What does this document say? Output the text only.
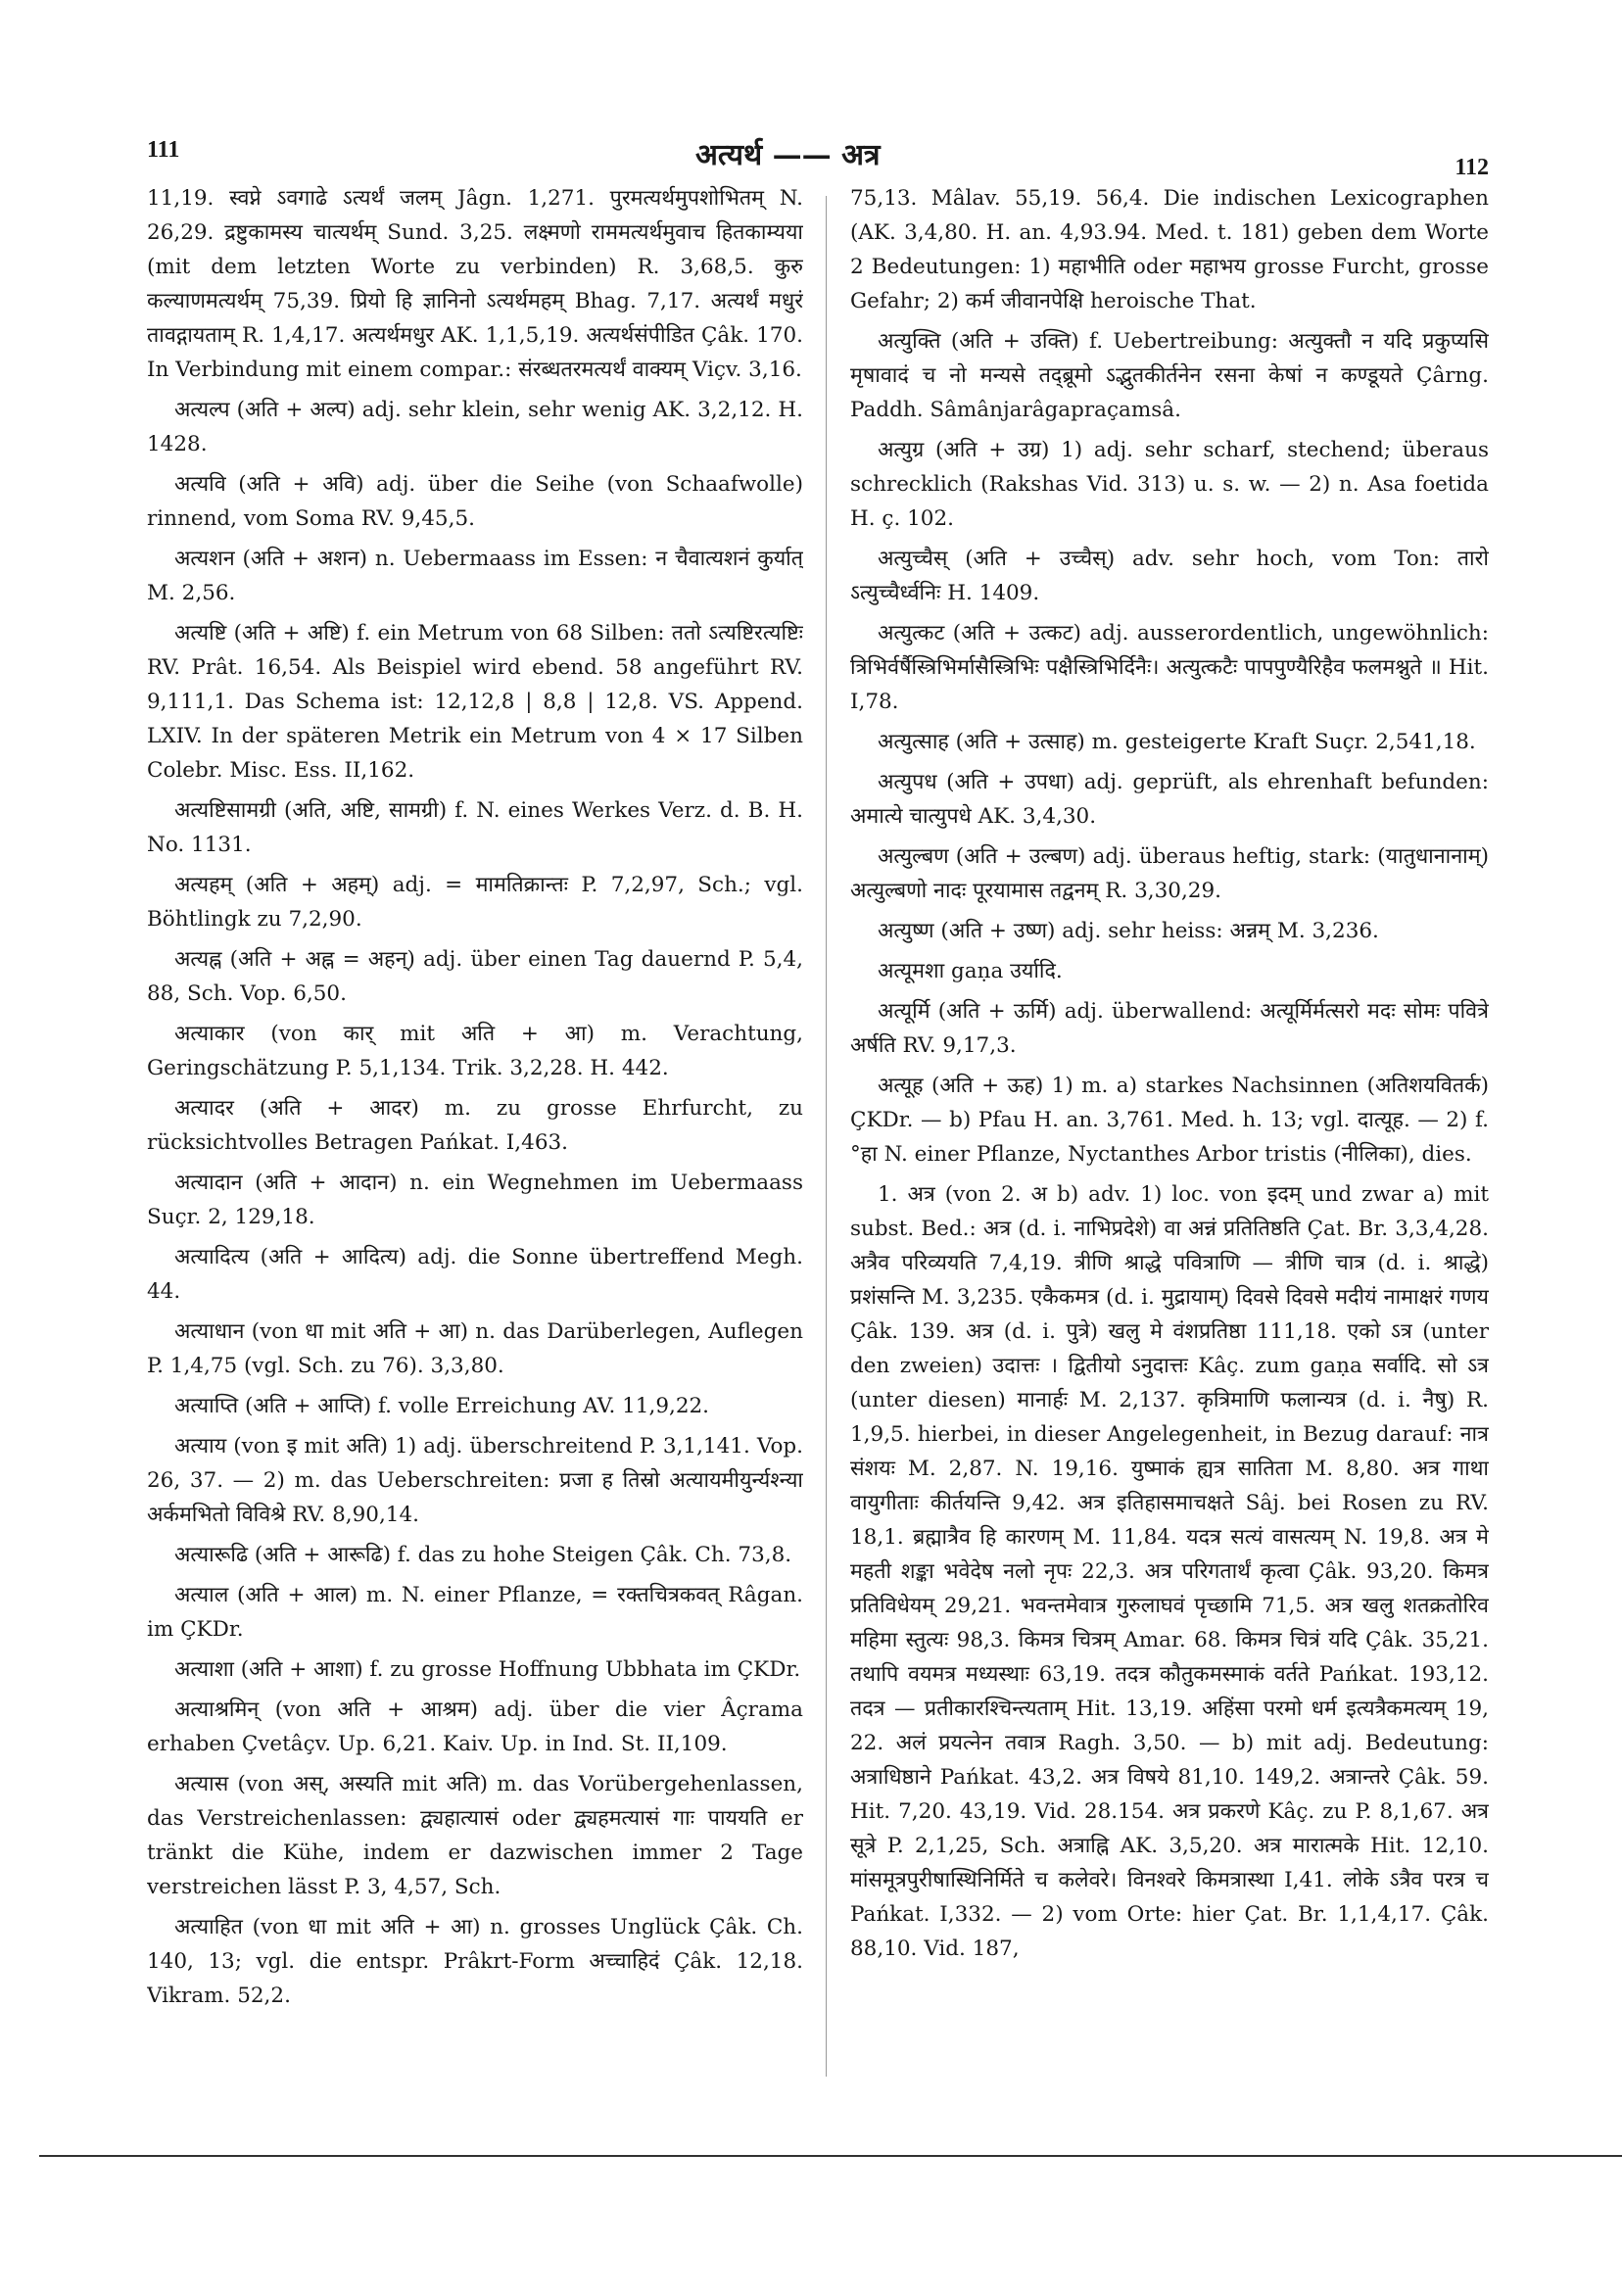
111	अत्यर्थ —— अत्र	112

11,19. स्वप्ने ऽवगाढे ऽत्यर्थं जलम् Jâgn. 1,271. पुरमत्यर्थमुपशोभितम् N. 26,29. द्रष्टुकामस्य चात्यर्थम् Sund. 3,25. लक्ष्मणो राममत्यर्थमुवाच हितकाम्यया (mit dem letzten Worte zu verbinden) R. 3,68,5. कुरु कल्याणमत्यर्थम् 75,39. प्रियो हि ज्ञानिनो ऽत्यर्थमहम् Bhag. 7,17. अत्यर्थं मधुरं तावद्गायताम् R. 1,4,17. अत्यर्थमधुर AK. 1,1,5,19. अत्यर्थसंपीडित Çâk. 170. In Verbindung mit einem compar.: संरब्धतरमत्यर्थं वाक्यम् Viçv. 3,16.

अत्यल्प (अति + अल्प) adj. sehr klein, sehr wenig AK. 3,2,12. H. 1428.

अत्यवि (अति + अवि) adj. über die Seihe (von Schaafwolle) rinnend, vom Soma RV. 9,45,5.

अत्यशन (अति + अशन) n. Uebermaass im Essen: न चैवात्यशनं कुर्यात् M. 2,56.

अत्यष्टि (अति + अष्टि) f. ein Metrum von 68 Silben: ततो ऽत्यष्टिरत्यष्टिः RV. Prât. 16,54. Als Beispiel wird ebend. 58 angeführt RV. 9,111,1. Das Schema ist: 12,12,8 | 8,8 | 12,8. VS. Append. LXIV. In der späteren Metrik ein Metrum von 4 × 17 Silben Colebr. Misc. Ess. II,162.

अत्यष्टिसामग्री (अति, अष्टि, सामग्री) f. N. eines Werkes Verz. d. B. H. No. 1131.

अत्यहम् (अति + अहम्) adj. = मामतिक्रान्तः P. 7,2,97, Sch.; vgl. Böhtlingk zu 7,2,90.

अत्यह्न (अति + अह्न = अहन्) adj. über einen Tag dauernd P. 5,4, 88, Sch. Vop. 6,50.

अत्याकार (von कार् mit अति + आ) m. Verachtung, Geringschätzung P. 5,1,134. Trik. 3,2,28. H. 442.

अत्यादर (अति + आदर) m. zu grosse Ehrfurcht, zu rücksichtvolles Betragen Pańkat. I,463.

अत्यादान (अति + आदान) n. ein Wegnehmen im Uebermaass Suçr. 2, 129,18.

अत्यादित्य (अति + आदित्य) adj. die Sonne übertreffend Megh. 44.

अत्याधान (von धा mit अति + आ) n. das Darüberlegen, Auflegen P. 1,4,75 (vgl. Sch. zu 76). 3,3,80.

अत्याप्ति (अति + आप्ति) f. volle Erreichung AV. 11,9,22.

अत्याय (von इ mit अति) 1) adj. überschreitend P. 3,1,141. Vop. 26, 37. — 2) m. das Ueberschreiten: प्रजा ह तिस्रो अत्यायमीयुर्न्यश्न्या अर्कमभितो विविश्रे RV. 8,90,14.

अत्यारूढि (अति + आरूढि) f. das zu hohe Steigen Çâk. Ch. 73,8.

अत्याल (अति + आल) m. N. einer Pflanze, = रक्तचित्रकवत् Râgan. im ÇKDr.

अत्याशा (अति + आशा) f. zu grosse Hoffnung Ubbhata im ÇKDr.

अत्याश्रमिन् (von अति + आश्रम) adj. über die vier Âçrama erhaben Çvetâçv. Up. 6,21. Kaiv. Up. in Ind. St. II,109.

अत्यास (von अस्, अस्यति mit अति) m. das Vorübergehenlassen, das Verstreichenlassen: द्व्यहात्यासं oder द्व्यहमत्यासं गाः पाययति er tränkt die Kühe, indem er dazwischen immer 2 Tage verstreichen lässt P. 3, 4,57, Sch.

अत्याहित (von धा mit अति + आ) n. grosses Unglück Çâk. Ch. 140, 13; vgl. die entspr. Prâkrt-Form अच्चाहिदं Çâk. 12,18. Vikram. 52,2.

75,13. Mâlav. 55,19. 56,4. Die indischen Lexicographen (AK. 3,4,80. H. an. 4,93.94. Med. t. 181) geben dem Worte 2 Bedeutungen: 1) महाभीति oder महाभय grosse Furcht, grosse Gefahr; 2) कर्म जीवानपेक्षि heroische That.

अत्युक्ति (अति + उक्ति) f. Uebertreibung: अत्युक्तौ न यदि प्रकुप्यसि मृषावादं च नो मन्यसे तद्ब्रूमो ऽद्भुतकीर्तनेन रसना केषां न कण्डूयते Çârng. Paddh. Sâmânjarâgapraçamsâ.

अत्युग्र (अति + उग्र) 1) adj. sehr scharf, stechend; überaus schrecklich (Rakshas Vid. 313) u. s. w. — 2) n. Asa foetida H. ç. 102.

अत्युच्चैस् (अति + उच्चैस्) adv. sehr hoch, vom Ton: तारो ऽत्युच्चैर्ध्वनिः H. 1409.

अत्युत्कट (अति + उत्कट) adj. ausserordentlich, ungewöhnlich: त्रिभिर्वर्षैस्त्रिभिर्मासैस्त्रिभिः पक्षैस्त्रिभिर्दिनैः। अत्युत्कटैः पापपुण्यैरिहैव फलमश्नुते ॥ Hit. I,78.

अत्युत्साह (अति + उत्साह) m. gesteigerte Kraft Suçr. 2,541,18.

अत्युपध (अति + उपधा) adj. geprüft, als ehrenhaft befunden: अमात्ये चात्युपधे AK. 3,4,30.

अत्युल्बण (अति + उल्बण) adj. überaus heftig, stark: (यातुधानानाम्) अत्युल्बणो नादः पूरयामास तद्वनम् R. 3,30,29.

अत्युष्ण (अति + उष्ण) adj. sehr heiss: अन्नम् M. 3,236.

अत्यूमशा gaṇa उर्यादि.

अत्यूर्मि (अति + ऊर्मि) adj. überwallend: अत्यूर्मिर्मत्सरो मदः सोमः पवित्रे अर्षति RV. 9,17,3.

अत्यूह (अति + ऊह) 1) m. a) starkes Nachsinnen (अतिशयवितर्क) ÇKDr. — b) Pfau H. an. 3,761. Med. h. 13; vgl. दात्यूह. — 2) f. °हा N. einer Pflanze, Nyctanthes Arbor tristis (नीलिका), dies.

1. अत्र (von 2. अ b) adv. 1) loc. von इदम् und zwar a) mit subst. Bed.: अत्र (d. i. नाभिप्रदेशे) वा अन्नं प्रतितिष्ठति Çat. Br. 3,3,4,28. अत्रैव परिव्ययति 7,4,19. त्रीणि श्राद्धे पवित्राणि — त्रीणि चात्र (d. i. श्राद्धे) प्रशंसन्ति M. 3,235. एकैकमत्र (d. i. मुद्रायाम्) दिवसे दिवसे मदीयं नामाक्षरं गणय Çâk. 139. अत्र (d. i. पुत्रे) खलु मे वंशप्रतिष्ठा 111,18. एको ऽत्र (unter den zweien) उदात्तः । द्वितीयो ऽनुदात्तः Kâç. zum gaṇa सर्वादि. सो ऽत्र (unter diesen) मानार्हः M. 2,137. कृत्रिमाणि फलान्यत्र (d. i. नैषु) R. 1,9,5. hierbei, in dieser Angelegenheit, in Bezug darauf: नात्र संशयः M. 2,87. N. 19,16. युष्माकं ह्यत्र सातिता M. 8,80. अत्र गाथा वायुगीताः कीर्तयन्ति 9,42. अत्र इतिहासमाचक्षते Sâj. bei Rosen zu RV. 18,1. ब्रह्मात्रैव हि कारणम् M. 11,84. यदत्र सत्यं वासत्यम् N. 19,8. अत्र मे महती शङ्का भवेदेष नलो नृपः 22,3. अत्र परिगतार्थं कृत्वा Çâk. 93,20. किमत्र प्रतिविधेयम् 29,21. भवन्तमेवात्र गुरुलाघवं पृच्छामि 71,5. अत्र खलु शतक्रतोरिव महिमा स्तुत्यः 98,3. किमत्र चित्रम् Amar. 68. किमत्र चित्रं यदि Çâk. 35,21. तथापि वयमत्र मध्यस्थाः 63,19. तदत्र कौतुकमस्माकं वर्तते Pańkat. 193,12. तदत्र — प्रतीकारश्चिन्त्यताम् Hit. 13,19. अहिंसा परमो धर्म इत्यत्रैकमत्यम् 19, 22. अलं प्रयत्नेन तवात्र Ragh. 3,50. — b) mit adj. Bedeutung: अत्राधिष्ठाने Pańkat. 43,2. अत्र विषये 81,10. 149,2. अत्रान्तरे Çâk. 59. Hit. 7,20. 43,19. Vid. 28.154. अत्र प्रकरणे Kâç. zu P. 8,1,67. अत्र सूत्रे P. 2,1,25, Sch. अत्राह्नि AK. 3,5,20. अत्र मारात्मके Hit. 12,10. मांसमूत्रपुरीषास्थिनिर्मिते च कलेवरे। विनश्वरे किमत्रास्था I,41. लोके ऽत्रैव परत्र च Pańkat. I,332. — 2) vom Orte: hier Çat. Br. 1,1,4,17. Çâk. 88,10. Vid. 187,
